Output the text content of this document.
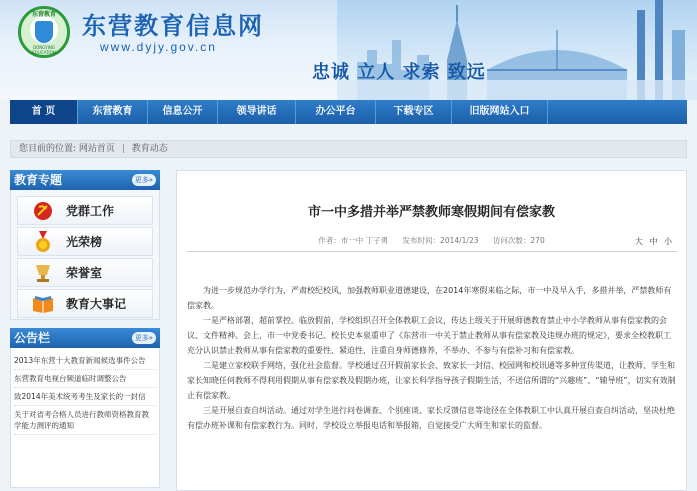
东营教育
DONGYING EDUCATION
东营教育信息网
www.dyjy.gov.cn
忠诚 立人 求索 致远
首 页	东营教育	信息公开	领导讲话	办公平台	下载专区	旧版网站入口
您目前的位置: 网站首页 | 教育动态
教育专题	更多»
党群工作
光荣榜
荣誉室
教育大事记
公告栏	更多»
2013年东营十大教育新闻候选事件公告
东营教育电视台频道临时调整公告
致2014年美术统考考生及家长的一封信
关于对省考合格人员进行教师资格教育教学能力测评的通知
市一中多措并举严禁教师寒假期间有偿家教
作者：市一中 丁子勇 发布时间：2014/1/23 访问次数：270	大 中 小

为进一步规范办学行为，严肃校纪校风，加强教师职业道德建设，在2014年寒假来临之际，市一中及早入手，多措并举，严禁教师有偿家教。

一是严格部署，超前掌控。临放假前，学校组织召开全体教职工会议，传达上级关于开展师德教育禁止中小学教师从事有偿家教的会议、文件精神。会上，市一中党委书记、校长史本泉重申了《东营市一中关于禁止教师从事有偿家教及违规办班的规定》，要求全校教职工充分认识禁止教师从事有偿家教的重要性、紧迫性，注重自身师德修养，不举办、不参与有偿补习和有偿家教。

二是建立家校联手网络，强化社会监督。学校通过召开假前家长会、致家长一封信、校园网和校讯通等多种宣传渠道，让教师、学生和家长知晓任何教师不得利用假期从事有偿家教及假期办班，让家长科学指导孩子假期生活，不送信所谓的“兴趣班”、“辅导班”，切实有效制止有偿家教。

三是开展自查自纠活动。通过对学生进行问卷调查、个别座谈、家长反馈信息等途径在全体教职工中认真开展自查自纠活动，坚决杜绝有偿办班补课和有偿家教行为。同时，学校设立举报电话和举报箱，自觉接受广大师生和家长的监督。
